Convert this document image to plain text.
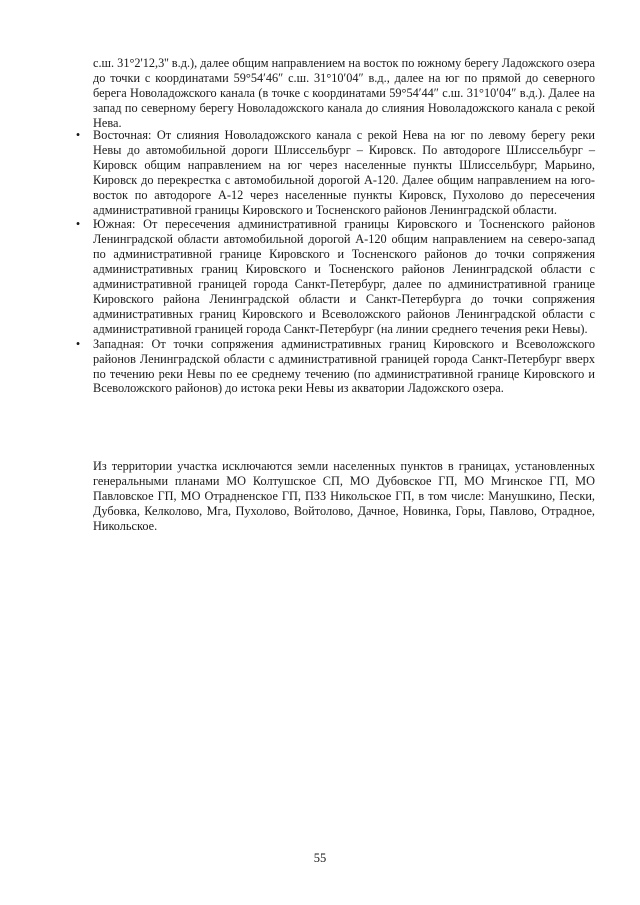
с.ш. 31°2'12,3'' в.д.), далее общим направлением на восток по южному берегу Ладожского озера до точки с координатами 59°54′46″ с.ш. 31°10′04″ в.д., далее на юг по прямой до северного берега Новоладожского канала (в точке с координатами 59°54′44″ с.ш. 31°10′04″ в.д.). Далее на запад по северному берегу Новоладожского канала до слияния Новоладожского канала с рекой Нева.

• Восточная: От слияния Новоладожского канала с рекой Нева на юг по левому берегу реки Невы до автомобильной дороги Шлиссельбург – Кировск. По автодороге Шлиссельбург – Кировск общим направлением на юг через населенные пункты Шлиссельбург, Марьино, Кировск до перекрестка с автомобильной дорогой А-120. Далее общим направлением на юго-восток по автодороге А-12 через населенные пункты Кировск, Пухолово до пересечения административной границы Кировского и Тосненского районов Ленинградской области.
• Южная: От пересечения административной границы Кировского и Тосненского районов Ленинградской области автомобильной дорогой А-120 общим направлением на северо-запад по административной границе Кировского и Тосненского районов до точки сопряжения административных границ Кировского и Тосненского районов Ленинградской области с административной границей города Санкт-Петербург, далее по административной границе Кировского района Ленинградской области и Санкт-Петербурга до точки сопряжения административных границ Кировского и Всеволожского районов Ленинградской области с административной границей города Санкт-Петербург (на линии среднего течения реки Невы).
• Западная: От точки сопряжения административных границ Кировского и Всеволожского районов Ленинградской области с административной границей города Санкт-Петербург вверх по течению реки Невы по ее среднему течению (по административной границе Кировского и Всеволожского районов) до истока реки Невы из акватории Ладожского озера.

Из территории участка исключаются земли населенных пунктов в границах, установленных генеральными планами МО Колтушское СП, МО Дубовское ГП, МО Мгинское ГП, МО Павловское ГП, МО Отрадненское ГП, ПЗЗ Никольское ГП, в том числе: Манушкино, Пески, Дубовка, Келколово, Мга, Пухолово, Войтолово, Дачное, Новинка, Горы, Павлово, Отрадное, Никольское.

55
